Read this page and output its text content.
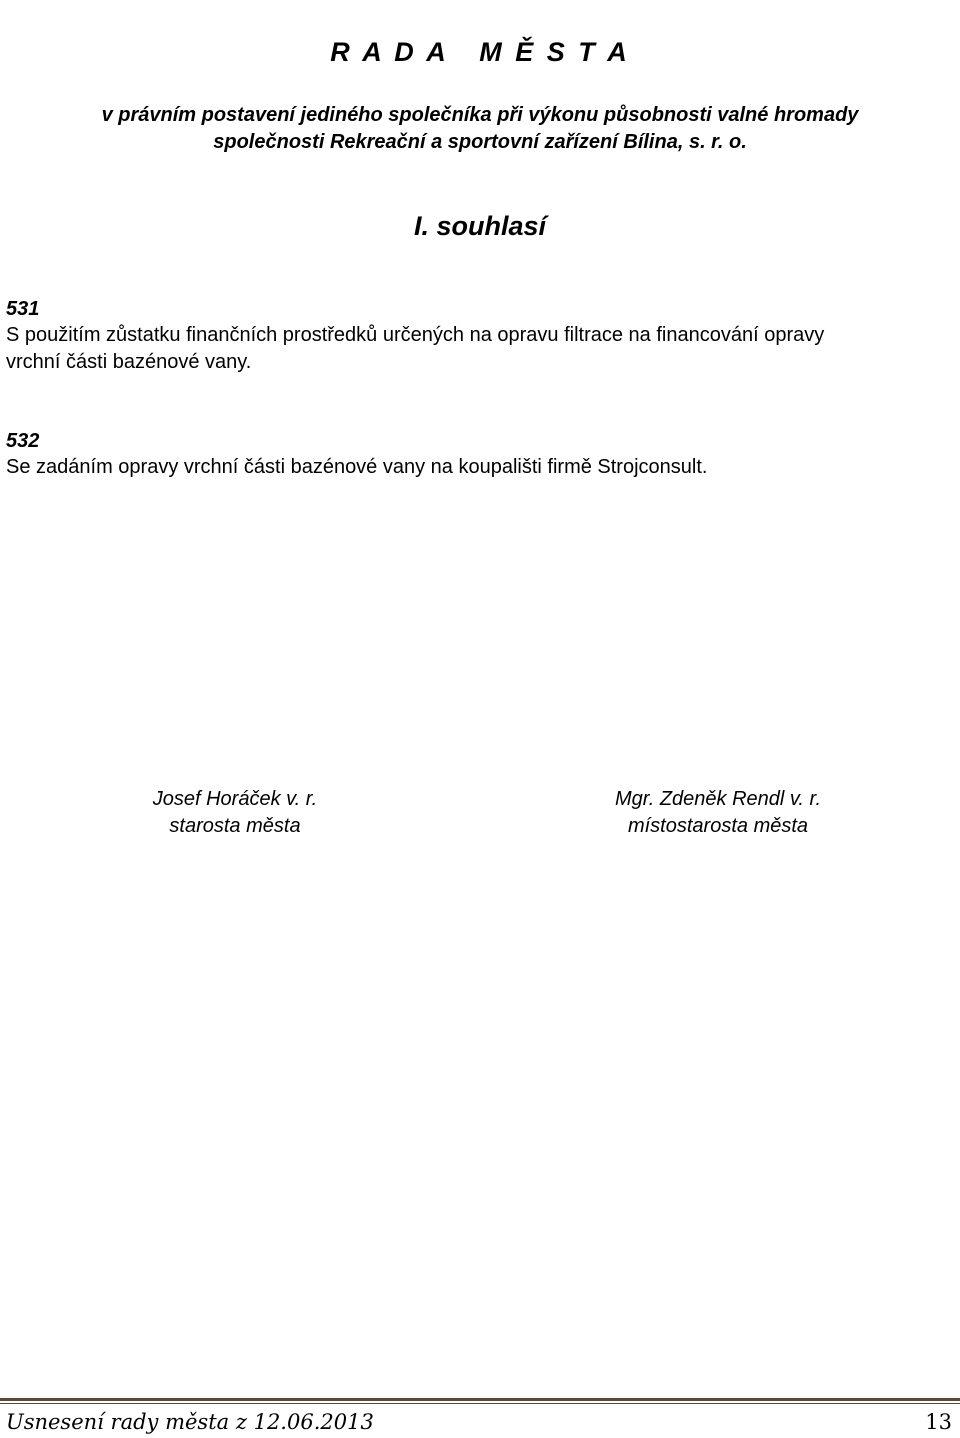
R A D A   M Ě S T A
v právním postavení jediného společníka při výkonu působnosti valné hromady
společnosti Rekreační a sportovní zařízení Bílina, s. r. o.
I. souhlasí
531
S použitím zůstatku finančních prostředků určených na opravu filtrace na financování opravy
vrchní části bazénové vany.
532
Se zadáním opravy vrchní části bazénové vany na koupališti firmě Strojconsult.
Josef Horáček v. r.
starosta města
Mgr. Zdeněk Rendl v. r.
místostarosta města
Usnesení rady města z 12.06.2013	13
